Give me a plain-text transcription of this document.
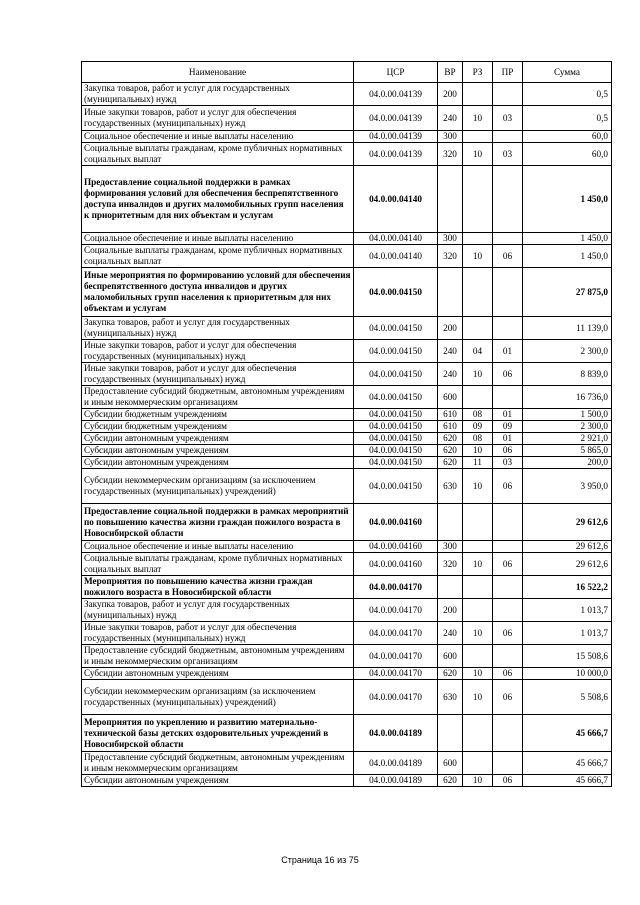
Наименование	ЦСР	ВР	РЗ	ПР	Сумма
Закупка товаров, работ и услуг для государственных (муниципальных) нужд	04.0.00.04139	200			0,5
Иные закупки товаров, работ и услуг для обеспечения государственных (муниципальных) нужд	04.0.00.04139	240	10	03	0,5
Социальное обеспечение и иные выплаты населению	04.0.00.04139	300			60,0
Социальные выплаты гражданам, кроме публичных нормативных социальных выплат	04.0.00.04139	320	10	03	60,0
Предоставление социальной поддержки в рамках формирования условий для обеспечения беспрепятственного доступа инвалидов и других маломобильных групп населения к приоритетным для них объектам и услугам	04.0.00.04140				1 450,0
Социальное обеспечение и иные выплаты населению	04.0.00.04140	300			1 450,0
Социальные выплаты гражданам, кроме публичных нормативных социальных выплат	04.0.00.04140	320	10	06	1 450,0
Иные мероприятия по формированию условий для обеспечения беспрепятственного доступа инвалидов и других маломобильных групп населения к приоритетным для них объектам и услугам	04.0.00.04150				27 875,0
Закупка товаров, работ и услуг для государственных (муниципальных) нужд	04.0.00.04150	200			11 139,0
Иные закупки товаров, работ и услуг для обеспечения государственных (муниципальных) нужд	04.0.00.04150	240	04	01	2 300,0
Иные закупки товаров, работ и услуг для обеспечения государственных (муниципальных) нужд	04.0.00.04150	240	10	06	8 839,0
Предоставление субсидий бюджетным, автономным учреждениям и иным некоммерческим организациям	04.0.00.04150	600			16 736,0
Субсидии бюджетным учреждениям	04.0.00.04150	610	08	01	1 500,0
Субсидии бюджетным учреждениям	04.0.00.04150	610	09	09	2 300,0
Субсидии автономным учреждениям	04.0.00.04150	620	08	01	2 921,0
Субсидии автономным учреждениям	04.0.00.04150	620	10	06	5 865,0
Субсидии автономным учреждениям	04.0.00.04150	620	11	03	200,0
Субсидии некоммерческим организациям (за исключением государственных (муниципальных) учреждений)	04.0.00.04150	630	10	06	3 950,0
Предоставление социальной поддержки в рамках мероприятий по повышению качества жизни граждан пожилого возраста в Новосибирской области	04.0.00.04160				29 612,6
Социальное обеспечение и иные выплаты населению	04.0.00.04160	300			29 612,6
Социальные выплаты гражданам, кроме публичных нормативных социальных выплат	04.0.00.04160	320	10	06	29 612,6
Мероприятия по повышению качества жизни граждан пожилого возраста в Новосибирской области	04.0.00.04170				16 522,2
Закупка товаров, работ и услуг для государственных (муниципальных) нужд	04.0.00.04170	200			1 013,7
Иные закупки товаров, работ и услуг для обеспечения государственных (муниципальных) нужд	04.0.00.04170	240	10	06	1 013,7
Предоставление субсидий бюджетным, автономным учреждениям и иным некоммерческим организациям	04.0.00.04170	600			15 508,6
Субсидии автономным учреждениям	04.0.00.04170	620	10	06	10 000,0
Субсидии некоммерческим организациям (за исключением государственных (муниципальных) учреждений)	04.0.00.04170	630	10	06	5 508,6
Мероприятия по укреплению и развитию материально-технической базы детских оздоровительных учреждений в Новосибирской области	04.0.00.04189				45 666,7
Предоставление субсидий бюджетным, автономным учреждениям и иным некоммерческим организациям	04.0.00.04189	600			45 666,7
Субсидии автономным учреждениям	04.0.00.04189	620	10	06	45 666,7
Страница 16 из 75
